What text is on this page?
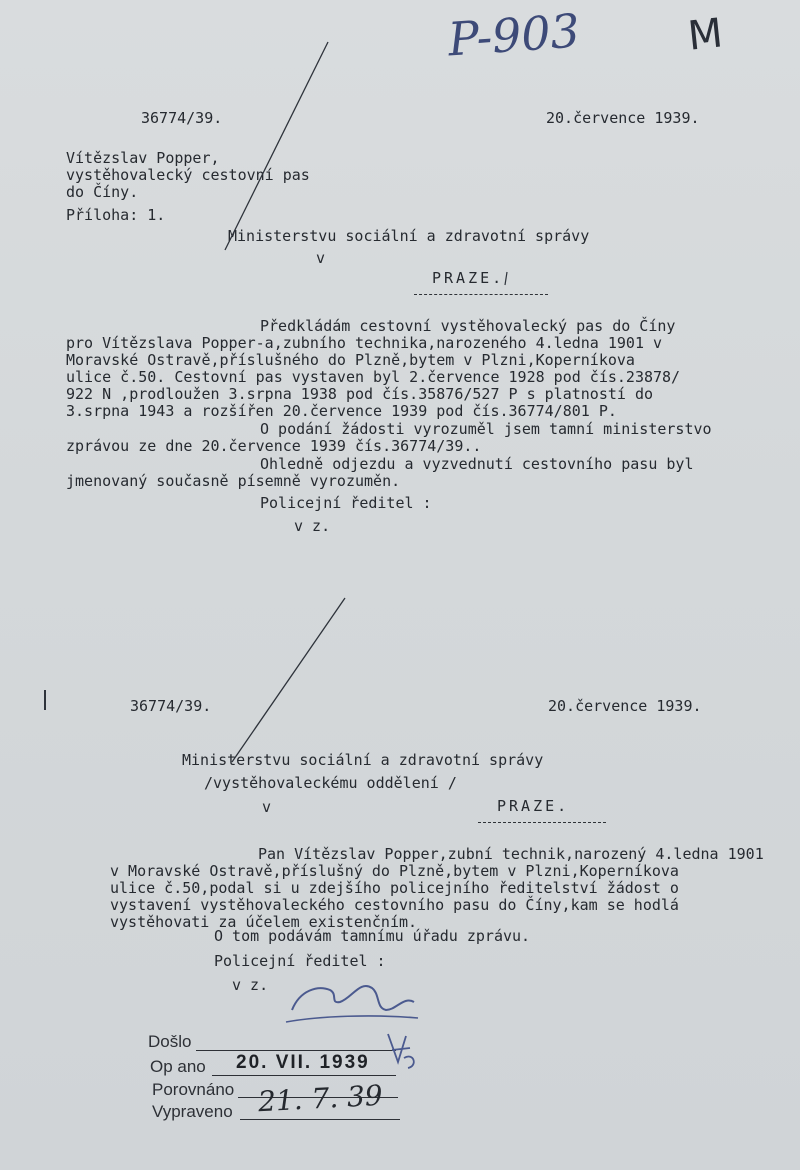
P-903	M
36774/39.	20.července 1939.
Vítězslav Popper,
vystěhovalecký cestovní pas
do Číny.
Příloha: 1.
Ministerstvu sociální a zdravotní správy
v
PRAZE.
Předkládám cestovní vystěhovalecký pas do Číny
pro Vítězslava Popper-a,zubního technika,narozeného 4.ledna 1901 v
Moravské Ostravě,příslušného do Plzně,bytem v Plzni,Koperníkova
ulice č.50. Cestovní pas vystaven byl 2.července 1928 pod čís.23878/
922 N ,prodloužen 3.srpna 1938 pod čís.35876/527 P s platností do
3.srpna 1943 a rozšířen 20.července 1939 pod čís.36774/801 P.
O podání žádosti vyrozuměl jsem tamní ministerstvo
zprávou ze dne 20.července 1939 čís.36774/39..
Ohledně odjezdu a vyzvednutí cestovního pasu byl
jmenovaný současně písemně vyrozuměn.
Policejní ředitel :
v z.
36774/39.	20.července 1939.
Ministerstvu sociální a zdravotní správy
/vystěhovaleckému oddělení /
v	PRAZE.
Pan Vítězslav Popper,zubní technik,narozený 4.ledna 1901
v Moravské Ostravě,příslušný do Plzně,bytem v Plzni,Koperníkova
ulice č.50,podal si u zdejšího policejního ředitelství žádost o
vystavení vystěhovaleckého cestovního pasu do Číny,kam se hodlá
vystěhovati za účelem existenčním.
O tom podávám tamnímu úřadu zprávu.
Policejní ředitel :
v z.
Došlo
Op ano 20. VII. 1939
Porovnáno
Vypraveno 21. 7. 39
